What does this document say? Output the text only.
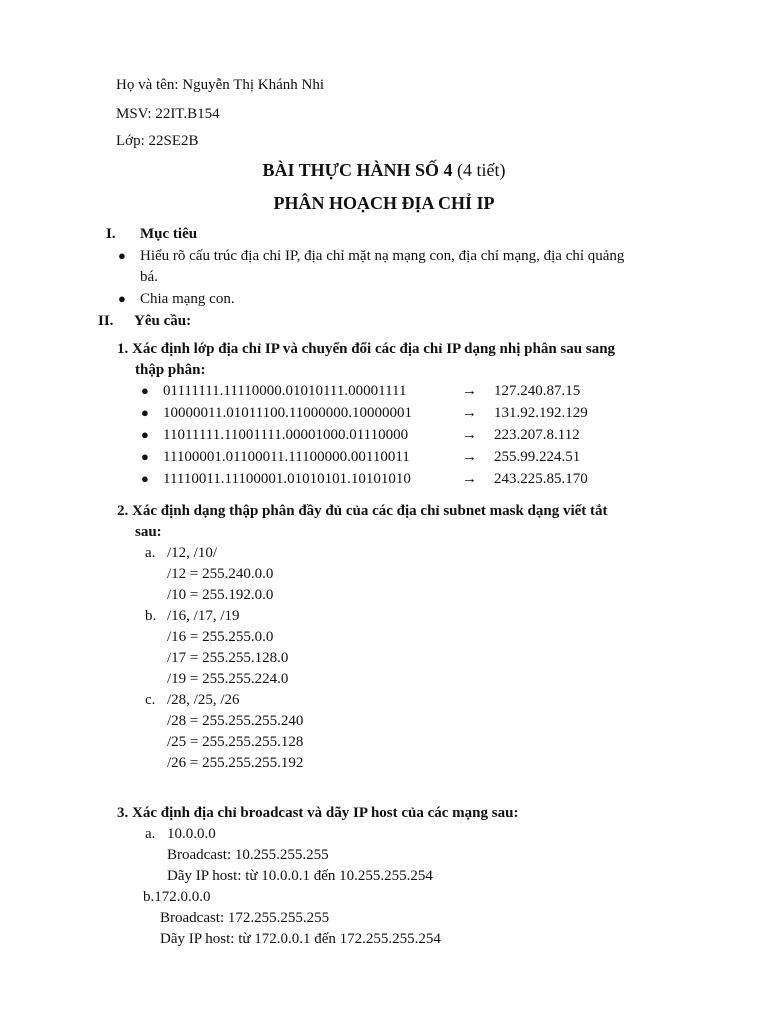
Họ và tên: Nguyễn Thị Khánh Nhi
MSV: 22IT.B154
Lớp: 22SE2B
BÀI THỰC HÀNH SỐ 4 (4 tiết)
PHÂN HOẠCH ĐỊA CHỈ IP
I. Mục tiêu
● Hiểu rõ cấu trúc địa chỉ IP, địa chỉ mặt nạ mạng con, địa chỉ mạng, địa chỉ quảng
bá.
● Chia mạng con.
II. Yêu cầu:
1. Xác định lớp địa chỉ IP và chuyển đổi các địa chỉ IP dạng nhị phân sau sang
thập phân:
● 01111111.11110000.01010111.00001111	→ 127.240.87.15
● 10000011.01011100.11000000.10000001	→ 131.92.192.129
● 11011111.11001111.00001000.01110000	→ 223.207.8.112
● 11100001.01100011.11100000.00110011	→ 255.99.224.51
● 11110011.11100001.01010101.10101010	→ 243.225.85.170
2. Xác định dạng thập phân đầy đủ của các địa chỉ subnet mask dạng viết tắt
sau:
a. /12, /10/
/12 = 255.240.0.0
/10 = 255.192.0.0
b. /16, /17, /19
/16 = 255.255.0.0
/17 = 255.255.128.0
/19 = 255.255.224.0
c. /28, /25, /26
/28 = 255.255.255.240
/25 = 255.255.255.128
/26 = 255.255.255.192
3. Xác định địa chỉ broadcast và dãy IP host của các mạng sau:
a. 10.0.0.0
Broadcast: 10.255.255.255
Dãy IP host: từ 10.0.0.1 đến 10.255.255.254
b.172.0.0.0
Broadcast: 172.255.255.255
Dãy IP host: từ 172.0.0.1 đến 172.255.255.254
